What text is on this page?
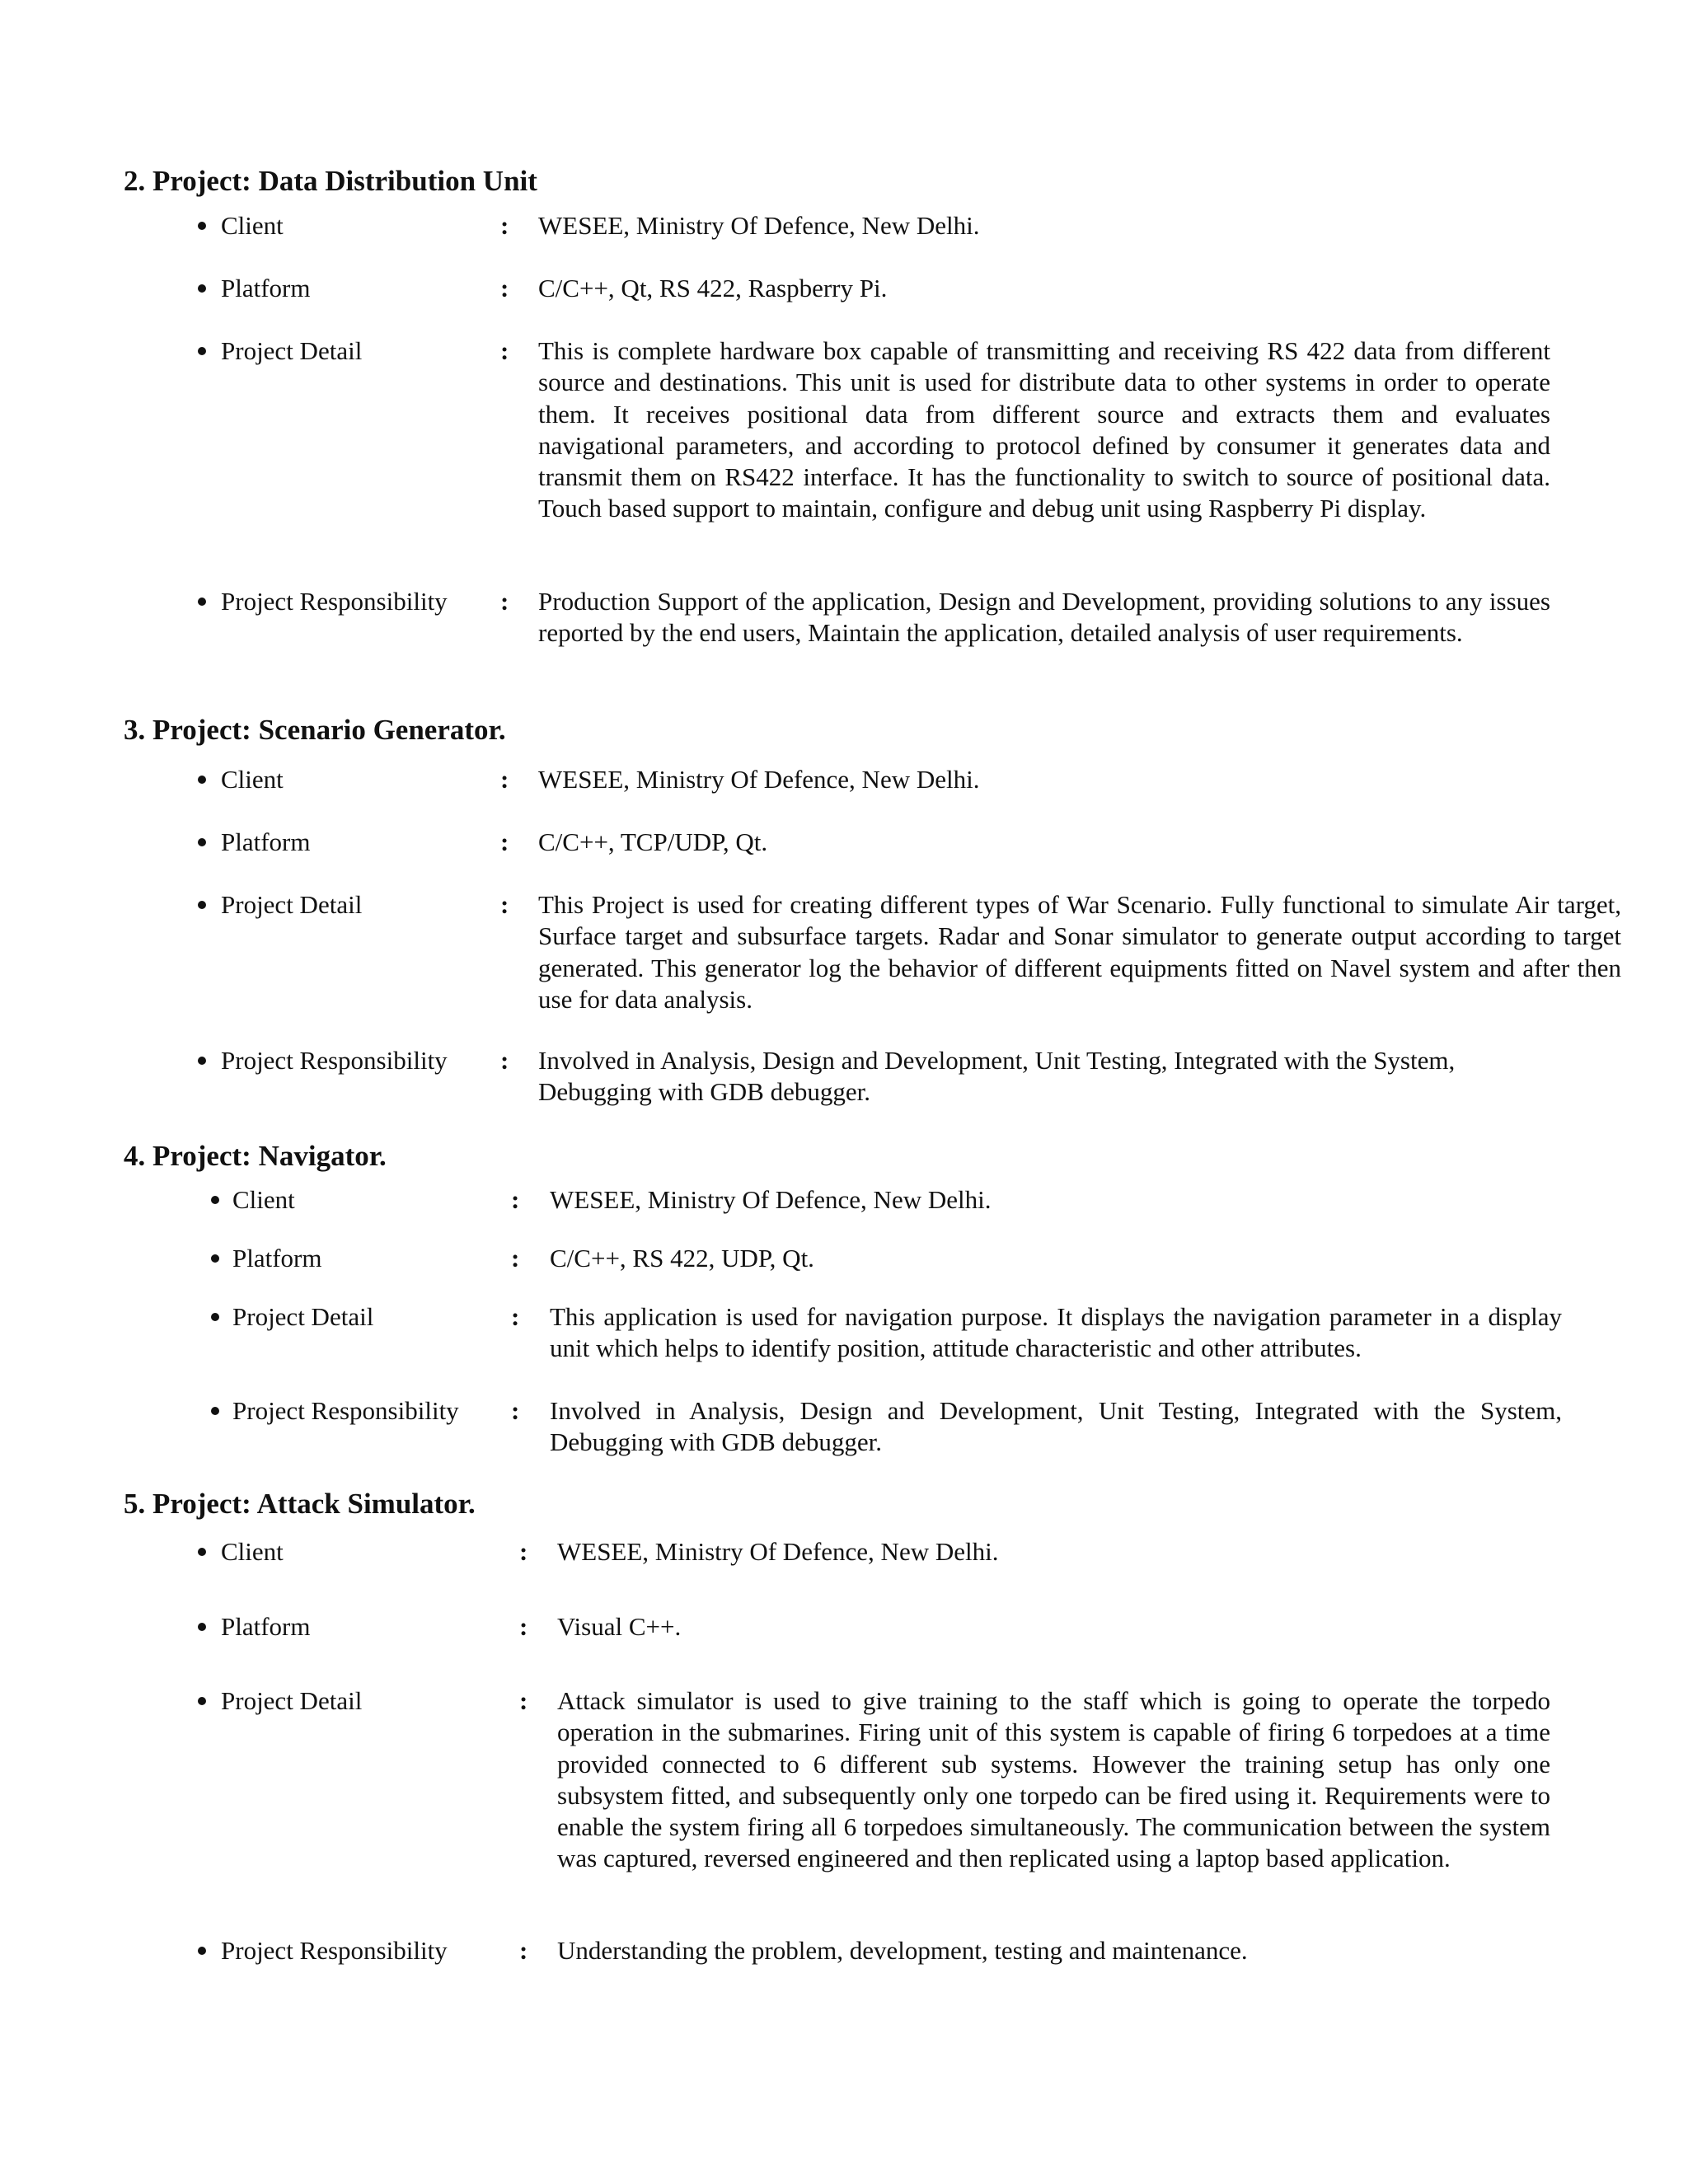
2. Project: Data Distribution Unit
Client	: WESEE, Ministry Of Defence, New Delhi.
Platform	: C/C++, Qt, RS 422, Raspberry Pi.
Project Detail	: This is complete hardware box capable of transmitting and receiving RS 422 data from different source and destinations. This unit is used for distribute data to other systems in order to operate them. It receives positional data from different source and extracts them and evaluates navigational parameters, and according to protocol defined by consumer it generates data and transmit them on RS422 interface. It has the functionality to switch to source of positional data. Touch based support to maintain, configure and debug unit using Raspberry Pi display.

Project Responsibility : Production Support of the application, Design and Development, providing solutions to any issues reported by the end users, Maintain the application, detailed analysis of user requirements.

3. Project: Scenario Generator.
Client	: WESEE, Ministry Of Defence, New Delhi.
Platform	: C/C++, TCP/UDP, Qt.
Project Detail	: This Project is used for creating different types of War Scenario. Fully functional to simulate Air target, Surface target and subsurface targets. Radar and Sonar simulator to generate output according to target generated. This generator log the behavior of different equipments fitted on Navel system and after then use for data analysis.

Project Responsibility : Involved in Analysis, Design and Development, Unit Testing, Integrated with the System, Debugging with GDB debugger.

4. Project: Navigator.
Client	: WESEE, Ministry Of Defence, New Delhi.
Platform	: C/C++, RS 422, UDP, Qt.
Project Detail	: This application is used for navigation purpose. It displays the navigation parameter in a display unit which helps to identify position, attitude characteristic and other attributes.

Project Responsibility : Involved in Analysis, Design and Development, Unit Testing, Integrated with the System, Debugging with GDB debugger.

5. Project: Attack Simulator.
Client	: WESEE, Ministry Of Defence, New Delhi.
Platform	: Visual C++.
Project Detail	: Attack simulator is used to give training to the staff which is going to operate the torpedo operation in the submarines. Firing unit of this system is capable of firing 6 torpedoes at a time provided connected to 6 different sub systems. However the training setup has only one subsystem fitted, and subsequently only one torpedo can be fired using it. Requirements were to enable the system firing all 6 torpedoes simultaneously. The communication between the system was captured, reversed engineered and then replicated using a laptop based application.

Project Responsibility	: Understanding the problem, development, testing and maintenance.
